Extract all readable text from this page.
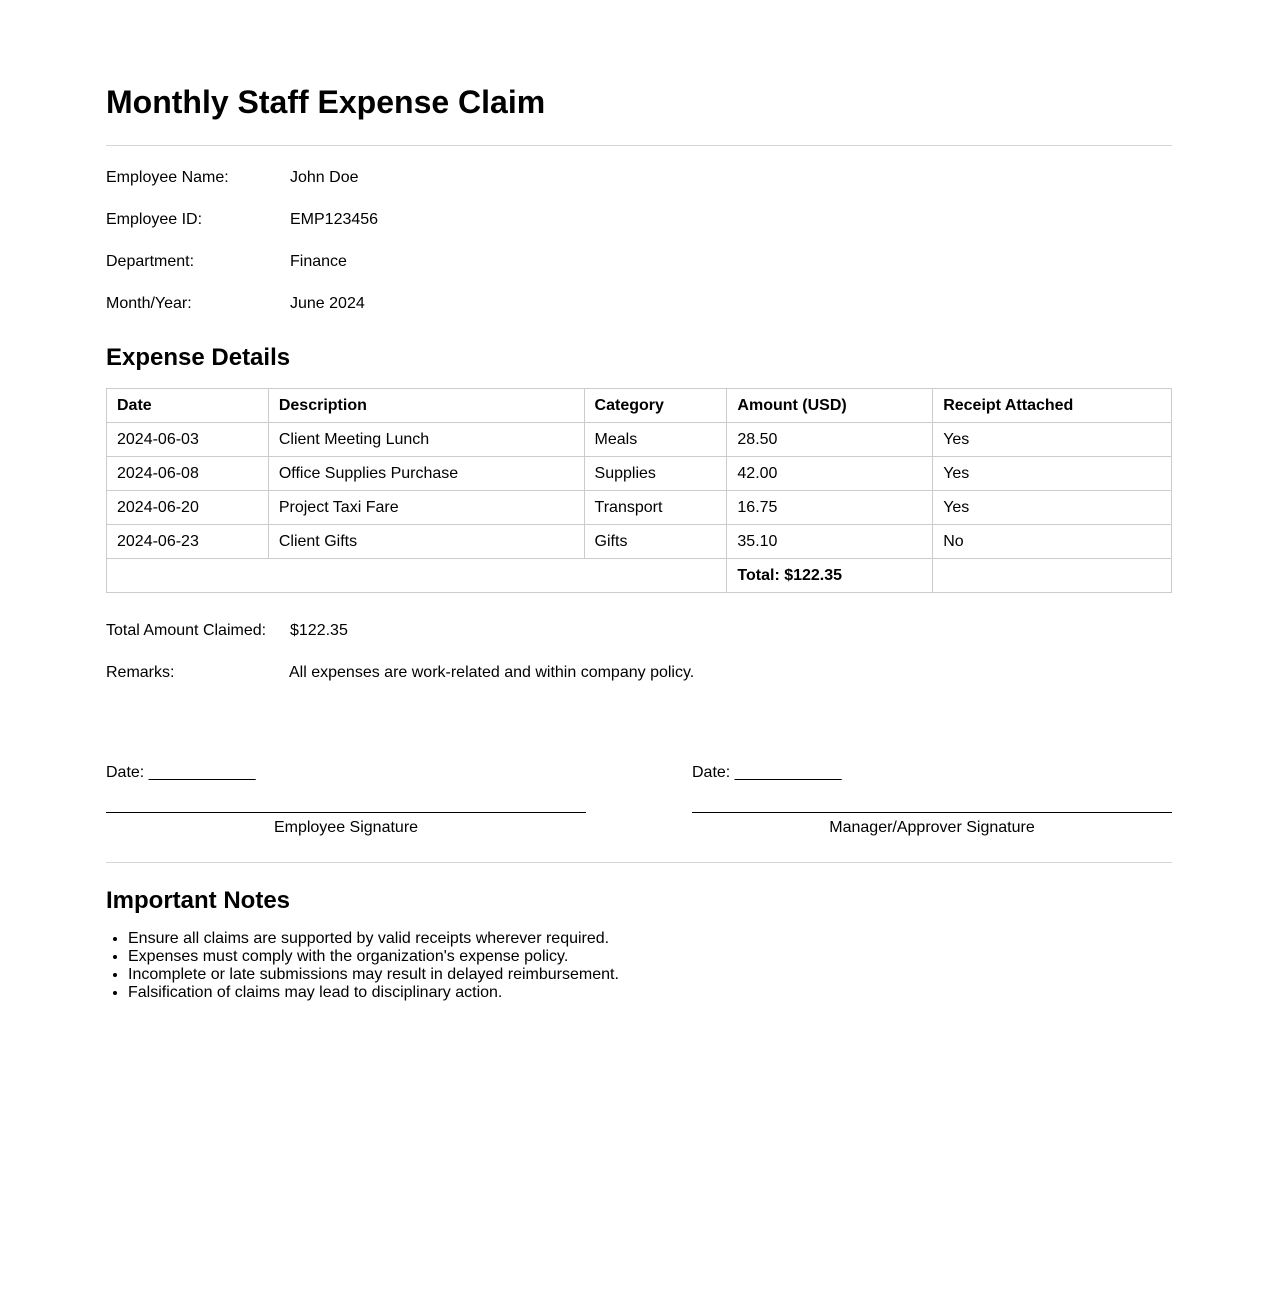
Monthly Staff Expense Claim
Employee Name:	John Doe
Employee ID:	EMP123456
Department:	Finance
Month/Year:	June 2024
Expense Details
Date	Description	Category	Amount (USD)	Receipt Attached
2024-06-03	Client Meeting Lunch	Meals	28.50	Yes
2024-06-08	Office Supplies Purchase	Supplies	42.00	Yes
2024-06-20	Project Taxi Fare	Transport	16.75	Yes
2024-06-23	Client Gifts	Gifts	35.10	No
			Total: $122.35	
Total Amount Claimed: $122.35
Remarks:	All expenses are work-related and within company policy.
Date: ____________
Employee Signature
Date: ____________
Manager/Approver Signature
Important Notes
• Ensure all claims are supported by valid receipts wherever required.
• Expenses must comply with the organization's expense policy.
• Incomplete or late submissions may result in delayed reimbursement.
• Falsification of claims may lead to disciplinary action.
